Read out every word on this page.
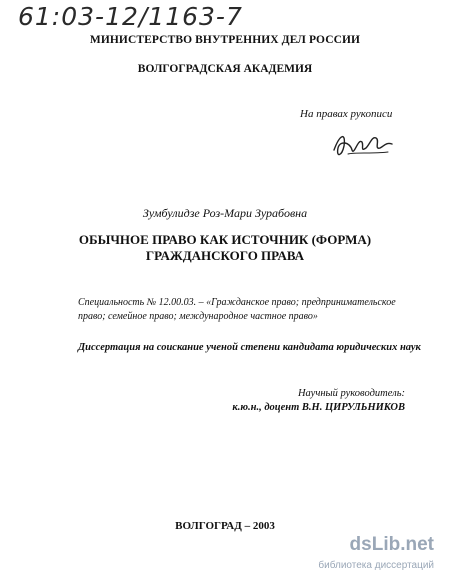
61:03-12/1163-7
МИНИСТЕРСТВО ВНУТРЕННИХ ДЕЛ РОССИИ
ВОЛГОГРАДСКАЯ АКАДЕМИЯ
На правах рукописи
Зумбулидзе Роз-Мари Зурабовна
ОБЫЧНОЕ ПРАВО КАК ИСТОЧНИК (ФОРМА)
ГРАЖДАНСКОГО ПРАВА
Специальность № 12.00.03. – «Гражданское право; предпринимательское
право; семейное право; международное частное право»
Диссертация на соискание ученой степени кандидата юридических наук
Научный руководитель:
к.ю.н., доцент В.Н. ЦИРУЛЬНИКОВ
ВОЛГОГРАД – 2003
dsLib.net
библиотека диссертаций
